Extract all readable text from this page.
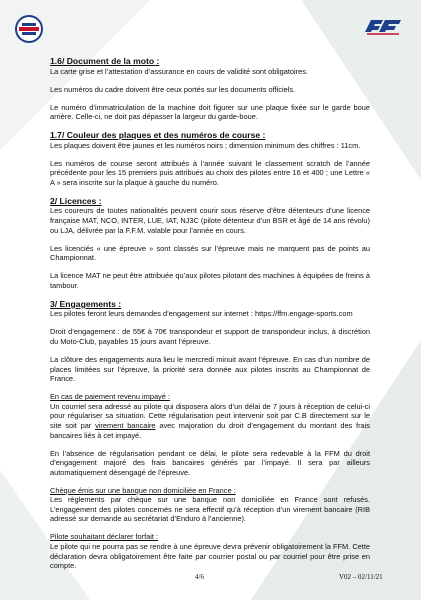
1.6/ Document de la moto :

La carte grise et l’attestation d’assurance en cours de validité sont obligatoires.

Les numéros du cadre doivent être ceux portés sur les documents officiels.

Le numéro d’immatriculation de la machine doit figurer sur une plaque fixée sur le garde boue arrière. Celle-ci, ne doit pas dépasser la largeur du garde-boue.

1.7/ Couleur des plaques et des numéros de course :

Les plaques doivent être jaunes et les numéros noirs ; dimension minimum des chiffres : 11cm.

Les numéros de course seront attribués à l’année suivant le classement scratch de l’année précédente pour les 15 premiers puis attribués au choix des pilotes entre 16 et 400 ; une Lettre « A » sera inscrite sur la plaque à gauche du numéro.

2/ Licences :

Les coureurs de toutes nationalités peuvent courir sous réserve d’être détenteurs d’une licence française MAT, NCO, INTER, LUE, IAT, NJ3C (pilote détenteur d’un BSR et âgé de 14 ans révolu) ou LJA, délivrée par la F.F.M. valable pour l’année en cours.

Les licenciés « une épreuve » sont classés sur l’épreuve mais ne marquent pas de points au Championnat.

La licence MAT ne peut être attribuée qu’aux pilotes pilotant des machines à équipées de freins à tambour.

3/ Engagements :

Les pilotes feront leurs demandes d’engagement sur internet : https://ffm.engage-sports.com

Droit d’engagement : de 55€ à 70€ transpondeur et support de transpondeur inclus, à discrétion du Moto-Club, payables 15 jours avant l’épreuve.

La clôture des engagements aura lieu le mercredi minuit avant l’épreuve. En cas d’un nombre de places limitées sur l’épreuve, la priorité sera donnée aux pilotes inscrits au Championnat de France.

En cas de paiement revenu impayé :

Un courriel sera adressé au pilote qui disposera alors d’un délai de 7 jours à réception de celui-ci pour régulariser sa situation. Cette régularisation peut intervenir soit par C.B directement sur le site soit par virement bancaire avec majoration du droit d’engagement du montant des frais bancaires liés à cet impayé.

En l’absence de régularisation pendant ce délai, le pilote sera redevable à la FFM du droit d’engagement majoré des frais bancaires générés par l’impayé. Il sera par ailleurs automatiquement désengagé de l’épreuve.

Chèque émis sur une banque non domiciliée en France :

Les règlements par chèque sur une banque non domiciliée en France sont refusés. L’engagement des pilotes concernés ne sera effectif qu’à réception d’un virement bancaire (RIB adressé sur demande au secrétariat d’Enduro à l’ancienne).

Pilote souhaitant déclarer forfait :

Le pilote qui ne pourra pas se rendre à une épreuve devra prévenir obligatoirement la FFM. Cette déclaration devra obligatoirement être faite par courrier postal ou par courriel pour être prise en compte.

4/6	V02 – 02/11/21
